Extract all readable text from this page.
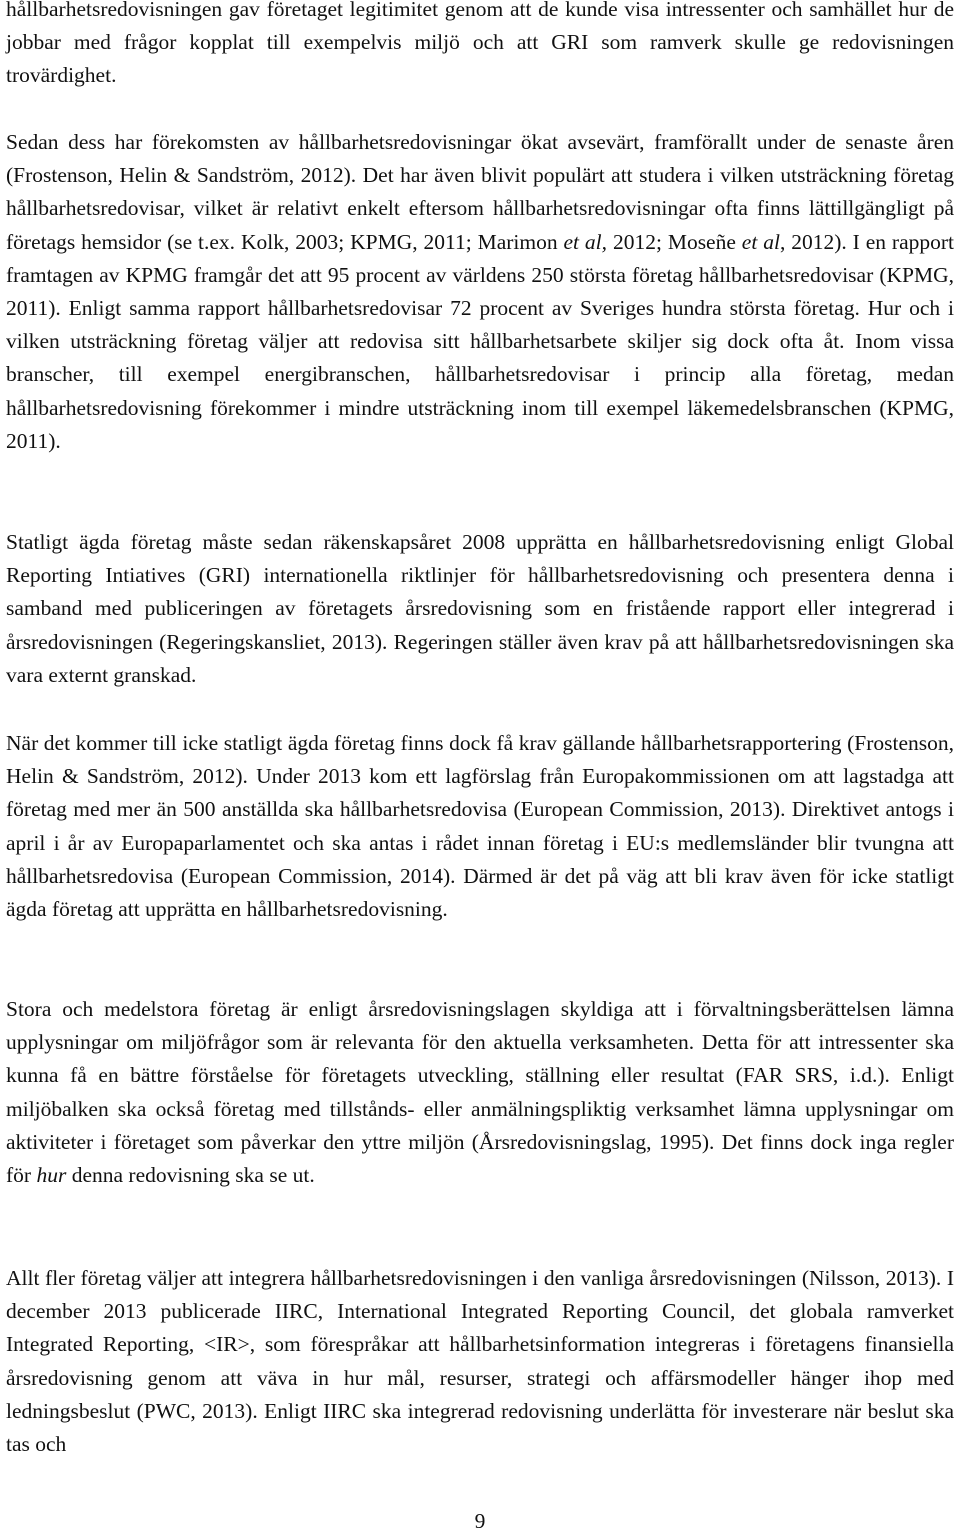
hållbarhetsredovisningen gav företaget legitimitet genom att de kunde visa intressenter och samhället hur de jobbar med frågor kopplat till exempelvis miljö och att GRI som ramverk skulle ge redovisningen trovärdighet.

Sedan dess har förekomsten av hållbarhetsredovisningar ökat avsevärt, framförallt under de senaste åren (Frostenson, Helin & Sandström, 2012). Det har även blivit populärt att studera i vilken utsträckning företag hållbarhetsredovisar, vilket är relativt enkelt eftersom hållbarhetsredovisningar ofta finns lättillgängligt på företags hemsidor (se t.ex. Kolk, 2003; KPMG, 2011; Marimon et al, 2012; Moseñe et al, 2012). I en rapport framtagen av KPMG framgår det att 95 procent av världens 250 största företag hållbarhetsredovisar (KPMG, 2011). Enligt samma rapport hållbarhetsredovisar 72 procent av Sveriges hundra största företag. Hur och i vilken utsträckning företag väljer att redovisa sitt hållbarhetsarbete skiljer sig dock ofta åt. Inom vissa branscher, till exempel energibranschen, hållbarhetsredovisar i princip alla företag, medan hållbarhetsredovisning förekommer i mindre utsträckning inom till exempel läkemedelsbranschen (KPMG, 2011).

Statligt ägda företag måste sedan räkenskapsåret 2008 upprätta en hållbarhetsredovisning enligt Global Reporting Intiatives (GRI) internationella riktlinjer för hållbarhetsredovisning och presentera denna i samband med publiceringen av företagets årsredovisning som en fristående rapport eller integrerad i årsredovisningen (Regeringskansliet, 2013). Regeringen ställer även krav på att hållbarhetsredovisningen ska vara externt granskad.

När det kommer till icke statligt ägda företag finns dock få krav gällande hållbarhetsrapportering (Frostenson, Helin & Sandström, 2012). Under 2013 kom ett lagförslag från Europakommissionen om att lagstadga att företag med mer än 500 anställda ska hållbarhetsredovisa (European Commission, 2013). Direktivet antogs i april i år av Europaparlamentet och ska antas i rådet innan företag i EU:s medlemsländer blir tvungna att hållbarhetsredovisa (European Commission, 2014). Därmed är det på väg att bli krav även för icke statligt ägda företag att upprätta en hållbarhetsredovisning.

Stora och medelstora företag är enligt årsredovisningslagen skyldiga att i förvaltningsberättelsen lämna upplysningar om miljöfrågor som är relevanta för den aktuella verksamheten. Detta för att intressenter ska kunna få en bättre förståelse för företagets utveckling, ställning eller resultat (FAR SRS, i.d.). Enligt miljöbalken ska också företag med tillstånds- eller anmälningspliktig verksamhet lämna upplysningar om aktiviteter i företaget som påverkar den yttre miljön (Årsredovisningslag, 1995). Det finns dock inga regler för hur denna redovisning ska se ut.

Allt fler företag väljer att integrera hållbarhetsredovisningen i den vanliga årsredovisningen (Nilsson, 2013). I december 2013 publicerade IIRC, International Integrated Reporting Council, det globala ramverket Integrated Reporting, <IR>, som förespråkar att hållbarhetsinformation integreras i företagens finansiella årsredovisning genom att väva in hur mål, resurser, strategi och affärsmodeller hänger ihop med ledningsbeslut (PWC, 2013). Enligt IIRC ska integrerad redovisning underlätta för investerare när beslut ska tas och

9
